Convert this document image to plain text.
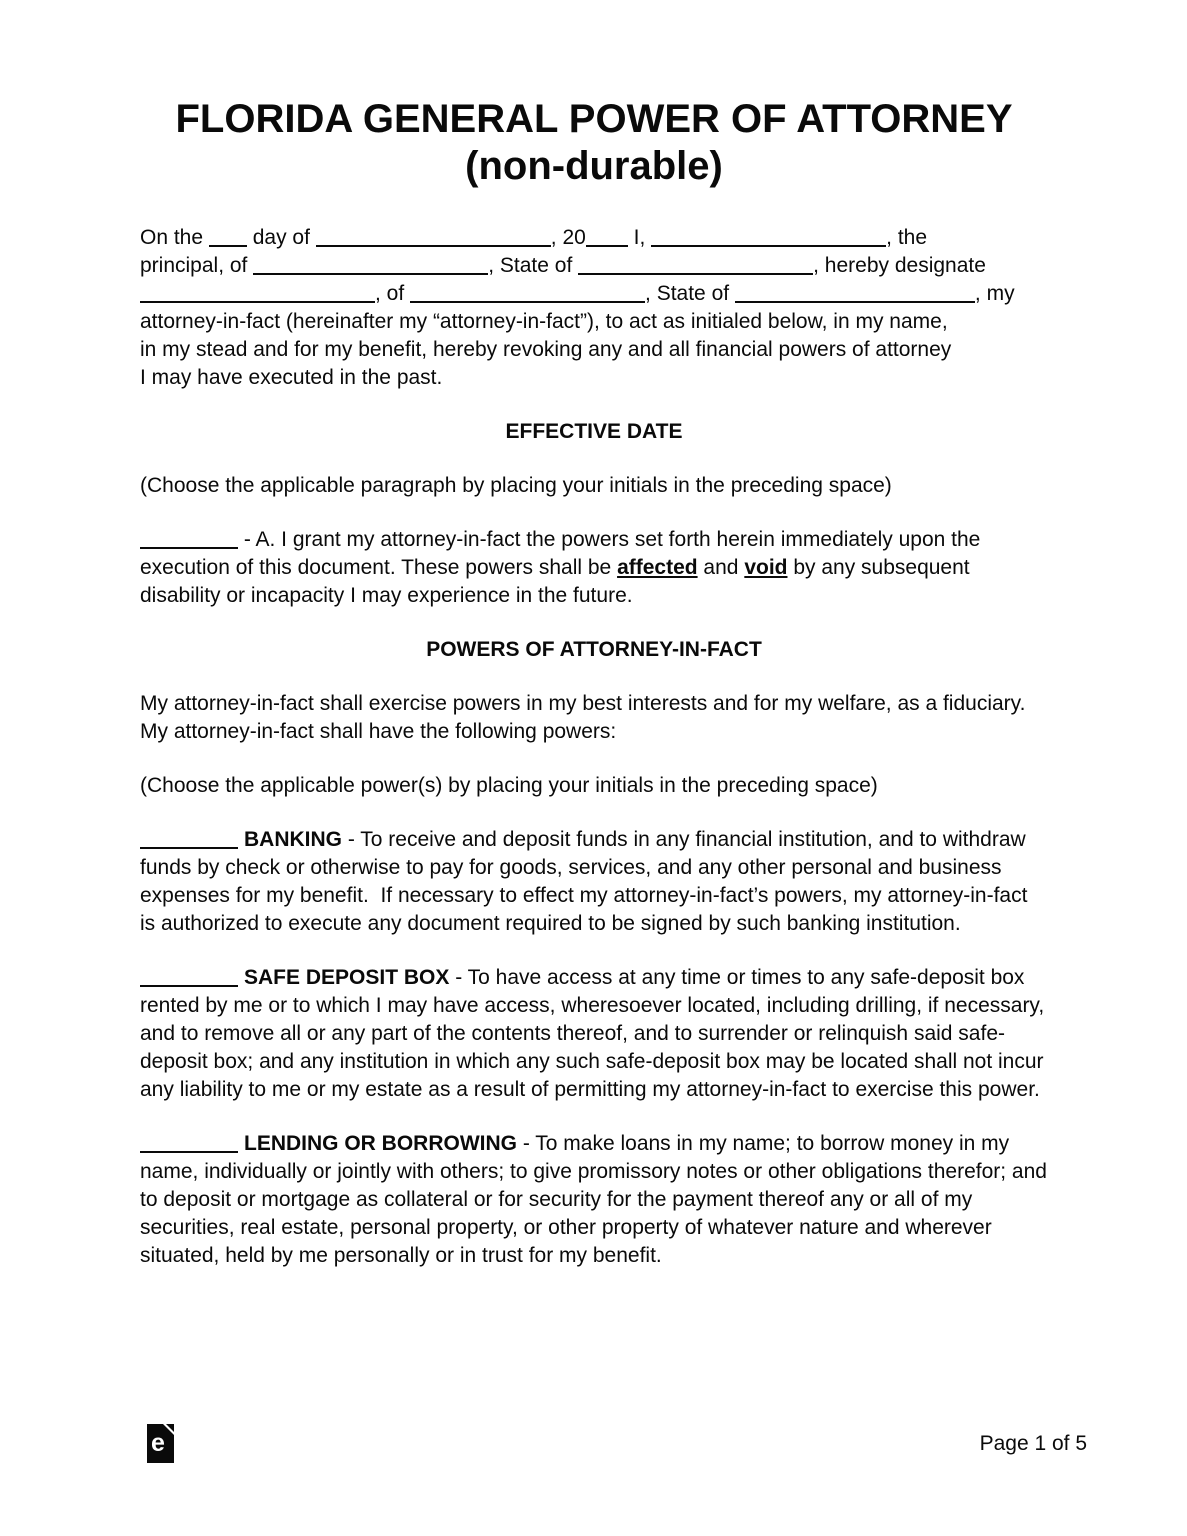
FLORIDA GENERAL POWER OF ATTORNEY
(non-durable)

On the  day of	, 20 I,	, the
principal, of	, State of	, hereby designate
, of	, State of	, my
attorney-in-fact (hereinafter my “attorney-in-fact”), to act as initialed below, in my name,
in my stead and for my benefit, hereby revoking any and all financial powers of attorney
I may have executed in the past.

EFFECTIVE DATE

(Choose the applicable paragraph by placing your initials in the preceding space)

- A. I grant my attorney-in-fact the powers set forth herein immediately upon the execution of this document. These powers shall be affected and void by any subsequent disability or incapacity I may experience in the future.

POWERS OF ATTORNEY-IN-FACT

My attorney-in-fact shall exercise powers in my best interests and for my welfare, as a fiduciary. My attorney-in-fact shall have the following powers:

(Choose the applicable power(s) by placing your initials in the preceding space)

BANKING - To receive and deposit funds in any financial institution, and to withdraw funds by check or otherwise to pay for goods, services, and any other personal and business expenses for my benefit.  If necessary to effect my attorney-in-fact’s powers, my attorney-in-fact is authorized to execute any document required to be signed by such banking institution.

SAFE DEPOSIT BOX - To have access at any time or times to any safe-deposit box rented by me or to which I may have access, wheresoever located, including drilling, if necessary, and to remove all or any part of the contents thereof, and to surrender or relinquish said safe-deposit box; and any institution in which any such safe-deposit box may be located shall not incur any liability to me or my estate as a result of permitting my attorney-in-fact to exercise this power.

LENDING OR BORROWING - To make loans in my name; to borrow money in my name, individually or jointly with others; to give promissory notes or other obligations therefor; and to deposit or mortgage as collateral or for security for the payment thereof any or all of my securities, real estate, personal property, or other property of whatever nature and wherever situated, held by me personally or in trust for my benefit.

e	Page 1 of 5
